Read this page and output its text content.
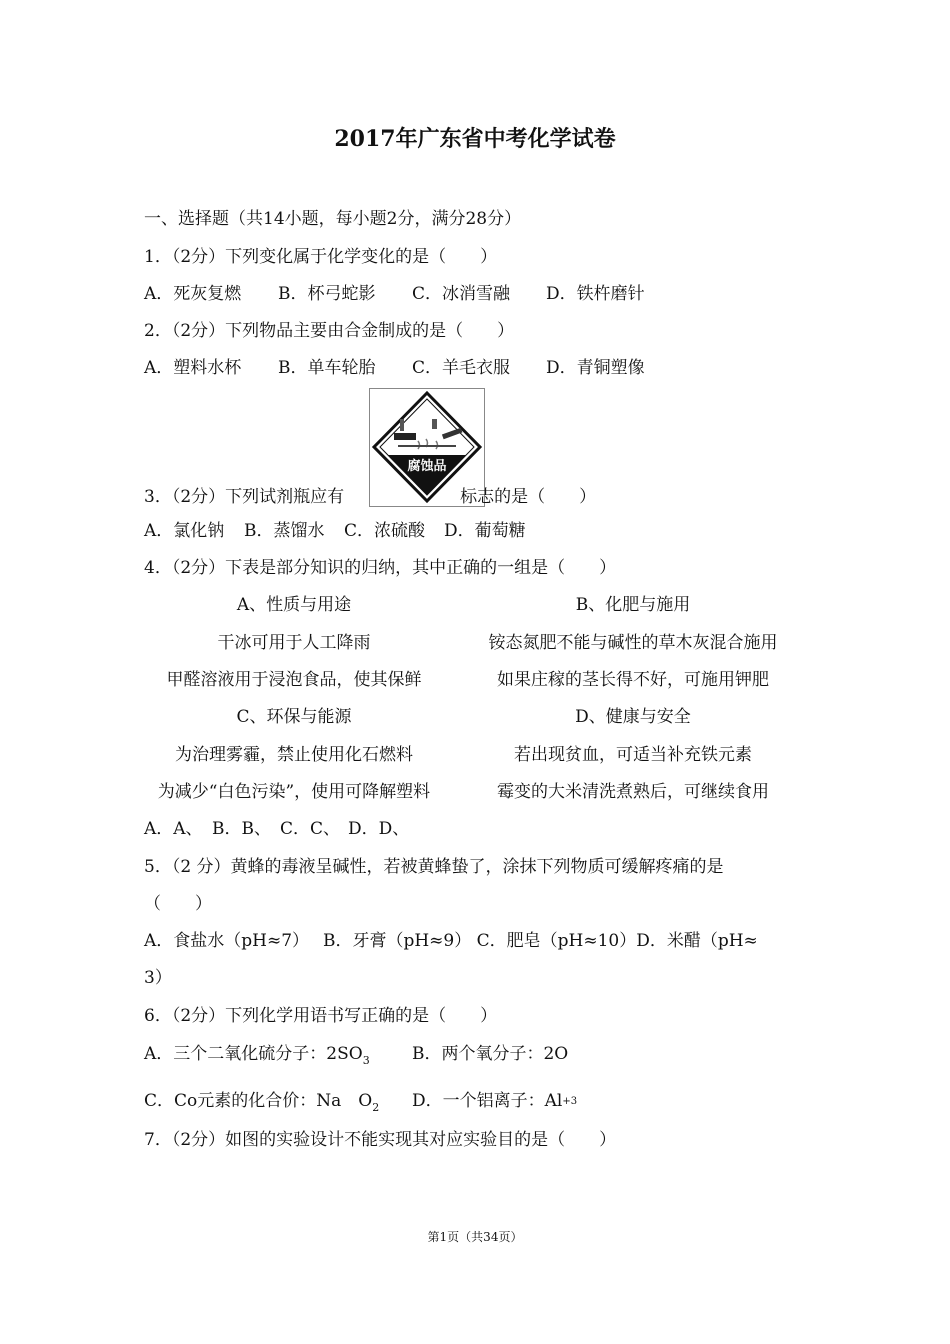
2017年广东省中考化学试卷
一、选择题（共14小题，每小题2分，满分28分）
1．（2分）下列变化属于化学变化的是（　　）
A．死灰复燃 B．杯弓蛇影 C．冰消雪融 D．铁杵磨针
2．（2分）下列物品主要由合金制成的是（　　）
A．塑料水杯 B．单车轮胎 C．羊毛衣服 D．青铜塑像
腐蚀品
3．（2分）下列试剂瓶应有	标志的是（　　）
A．氯化钠 B．蒸馏水 C．浓硫酸 D．葡萄糖
4．（2分）下表是部分知识的归纳，其中正确的一组是（　　）
A、性质与用途	B、化肥与施用
干冰可用于人工降雨	铵态氮肥不能与碱性的草木灰混合施用
甲醛溶液用于浸泡食品，使其保鲜	如果庄稼的茎长得不好，可施用钾肥
C、环保与能源	D、健康与安全
为治理雾霾，禁止使用化石燃料	若出现贫血，可适当补充铁元素
为减少“白色污染”，使用可降解塑料	霉变的大米清洗煮熟后，可继续食用
A．A、 B．B、 C．C、 D．D、
5．（2 分）黄蜂的毒液呈碱性，若被黄蜂蛰了，涂抹下列物质可缓解疼痛的是
（　　）
A．食盐水（pH≈7）　 B．牙膏（pH≈9） C．肥皂（pH≈10）D．米醋（pH≈
3）
6．（2分）下列化学用语书写正确的是（　　）
A．三个二氧化硫分子：$2SO_3$ B．两个氧分子：2O
C．Co元素的化合价：Na　$O_2$ D．一个铝离子：$Al^{+3}$
7．（2分）如图的实验设计不能实现其对应实验目的是（　　）
第1页（共34页）
